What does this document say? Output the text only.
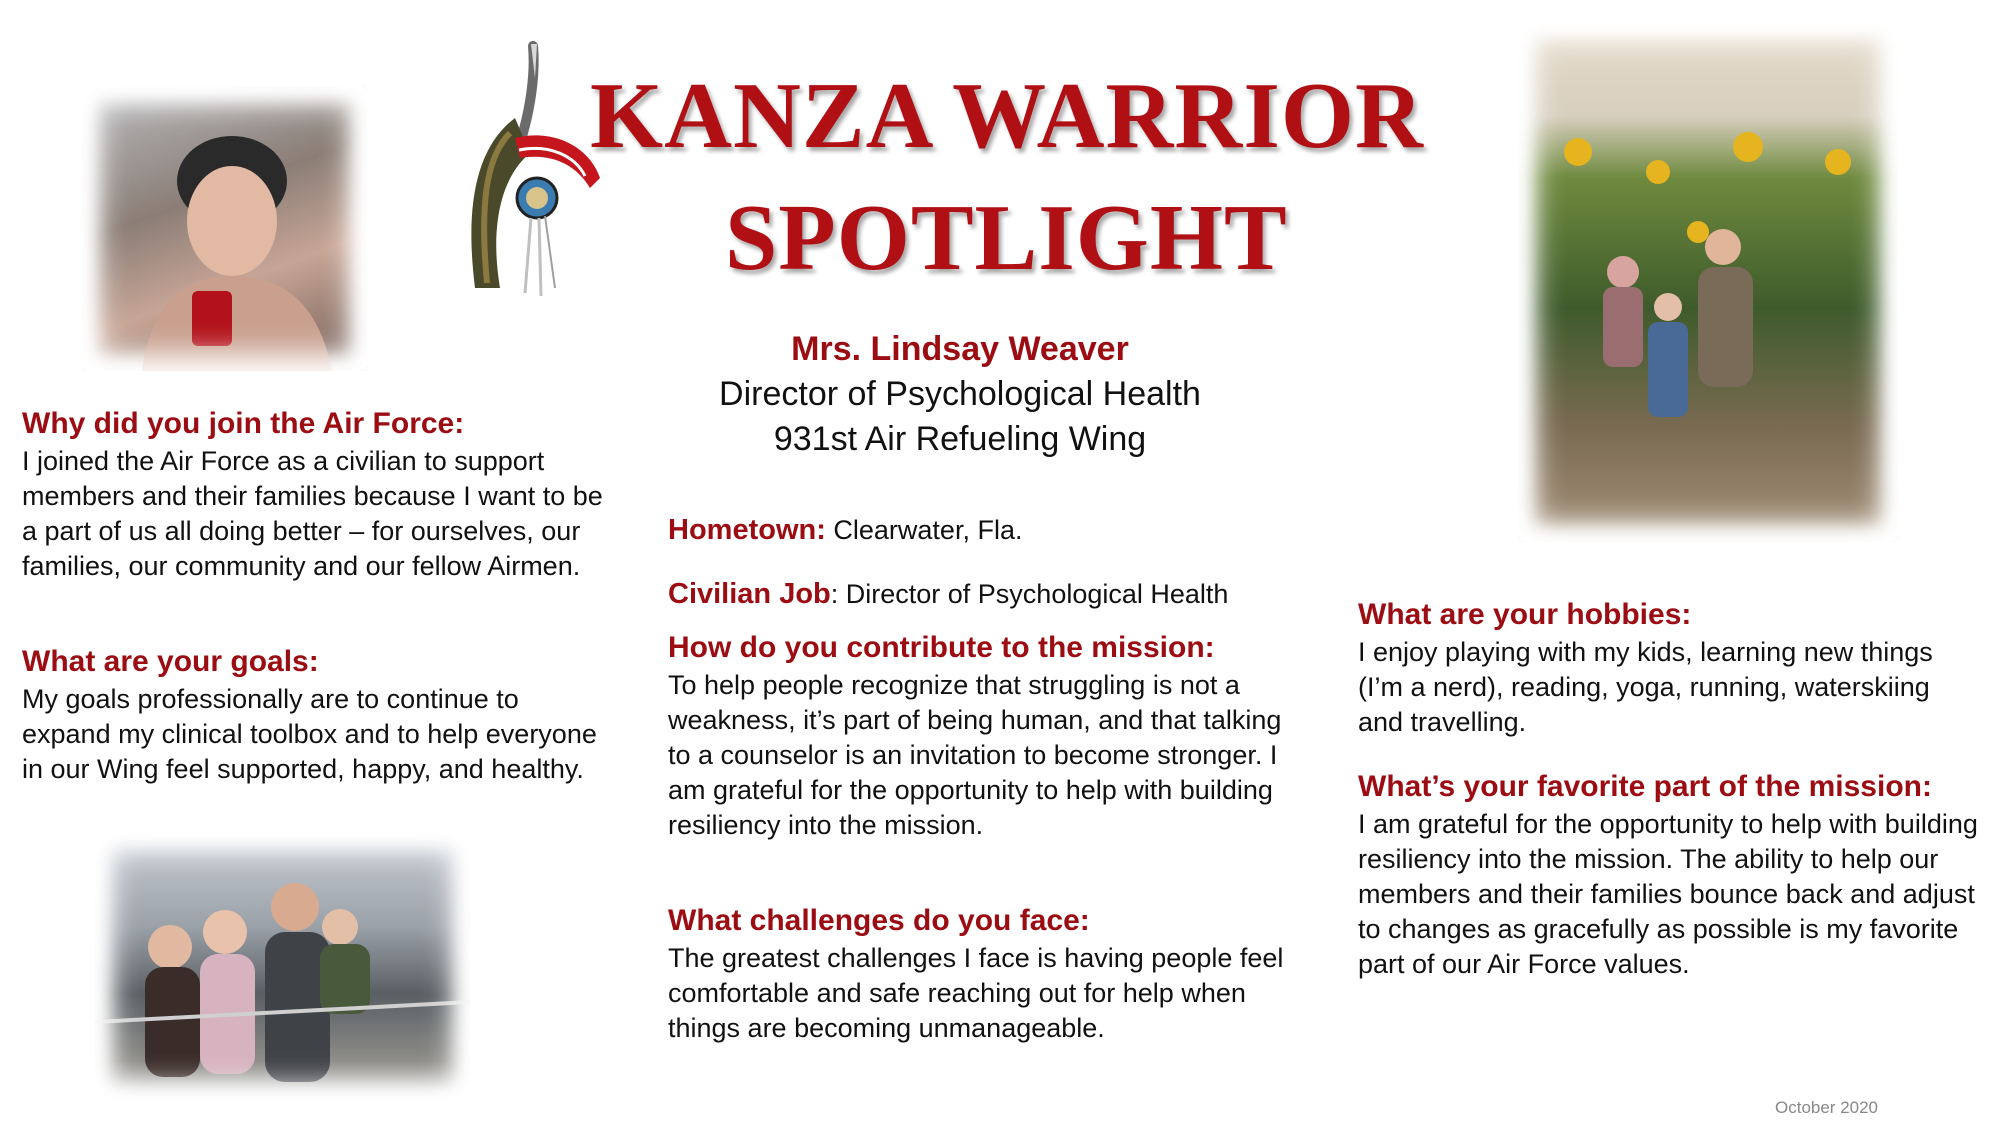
KANZA WARRIOR
SPOTLIGHT
Mrs. Lindsay Weaver
Director of Psychological Health
931st Air Refueling Wing
Hometown: Clearwater, Fla.
Civilian Job: Director of Psychological Health
Why did you join the Air Force:
I joined the Air Force as a civilian to support members and their families because I want to be a part of us all doing better – for ourselves, our families, our community and our fellow Airmen.
What are your goals:
My goals professionally are to continue to expand my clinical toolbox and to help everyone in our Wing feel supported, happy, and healthy.
How do you contribute to the mission:
To help people recognize that struggling is not a weakness, it’s part of being human, and that talking to a counselor is an invitation to become stronger. I am grateful for the opportunity to help with building resiliency into the mission.
What challenges do you face:
The greatest challenges I face is having people feel comfortable and safe reaching out for help when things are becoming unmanageable.
What are your hobbies:
I enjoy playing with my kids, learning new things (I’m a nerd), reading, yoga, running, waterskiing and travelling.
What’s your favorite part of the mission:
I am grateful for the opportunity to help with building resiliency into the mission. The ability to help our members and their families bounce back and adjust to changes as gracefully as possible is my favorite part of our Air Force values.
October 2020
